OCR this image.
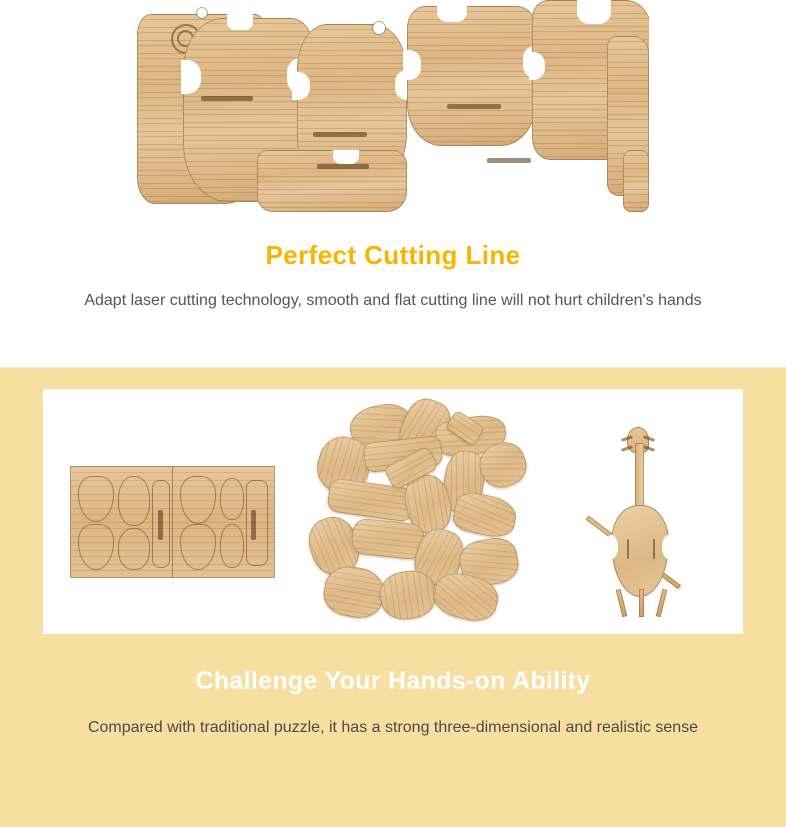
Perfect Cutting Line
Adapt laser cutting technology, smooth and flat cutting line will not hurt children's hands
Challenge Your Hands-on Ability
Compared with traditional puzzle, it has a strong three-dimensional and realistic sense
